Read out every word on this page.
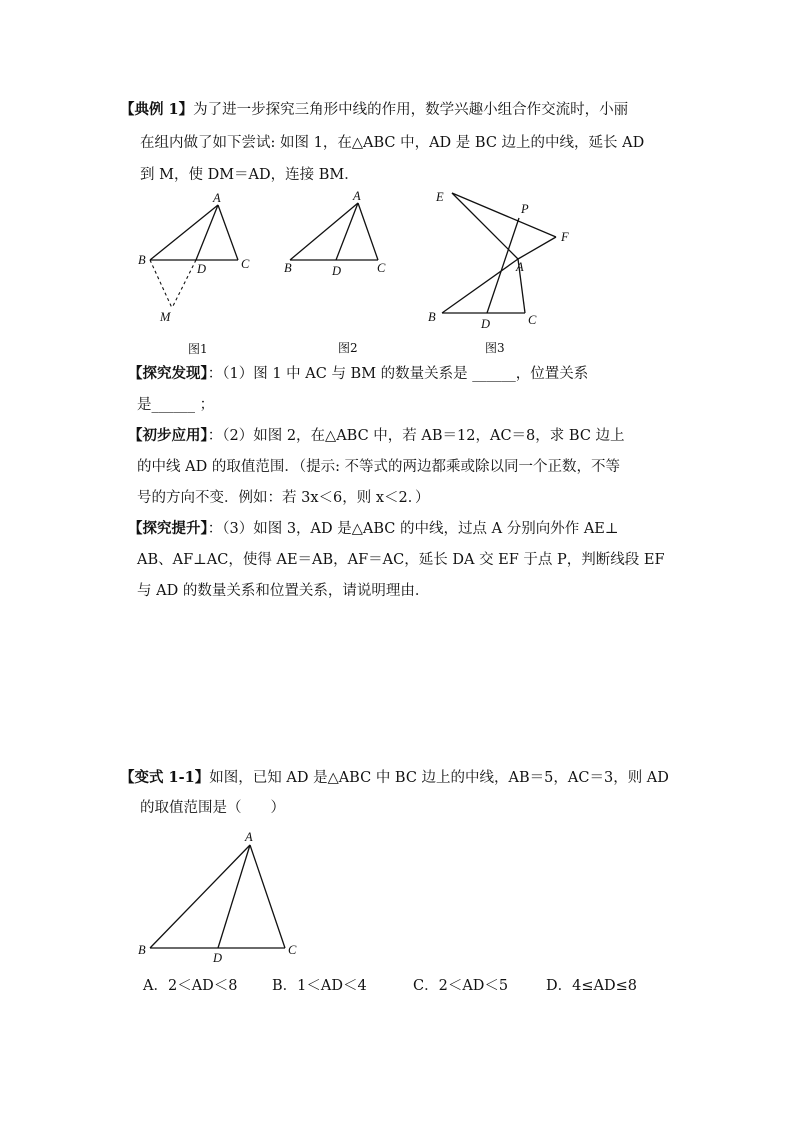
【典例 1】为了进一步探究三角形中线的作用，数学兴趣小组合作交流时，小丽
在组内做了如下尝试: 如图 1，在△ABC 中，AD 是 BC 边上的中线，延长 AD
到 M，使 DM＝AD，连接 BM．
A
B	C
D
M
图1
A
B	C
D
图2
E
P
F
A
B	D	C
图3
A
B	C
D
【探究发现】：（1）图 1 中 AC 与 BM 的数量关系是 ______，位置关系
是______ ；
【初步应用】：（2）如图 2，在△ABC 中，若 AB＝12，AC＝8，求 BC 边上
的中线 AD 的取值范围．（提示: 不等式的两边都乘或除以同一个正数，不等
号的方向不变．例如：若 3x＜6，则 x＜2．）
【探究提升】：（3）如图 3，AD 是△ABC 的中线，过点 A 分别向外作 AE⊥
AB、AF⊥AC，使得 AE＝AB，AF＝AC，延长 DA 交 EF 于点 P，判断线段 EF
与 AD 的数量关系和位置关系，请说明理由．
【变式 1-1】如图，已知 AD 是△ABC 中 BC 边上的中线，AB＝5，AC＝3，则 AD
的取值范围是（　　）
A．2＜AD＜8 B．1＜AD＜4	C．2＜AD＜5	D．4≤AD≤8
